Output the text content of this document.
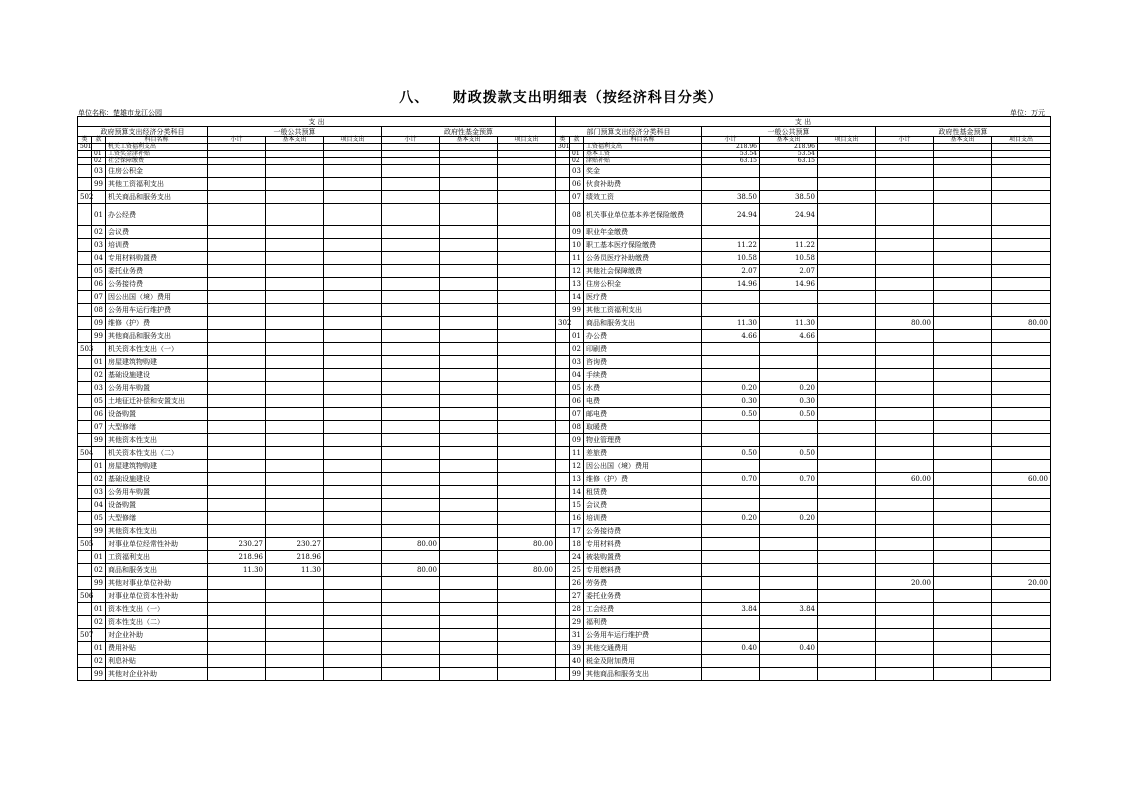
八、    财政拨款支出明细表（按经济科目分类）
单位名称：楚雄市龙江公园	单位：万元
支 出									支 出								
政府预算支出经济分类科目			一般公共预算			政府性基金预算			部门预算支出经济分类科目			一般公共预算			政府性基金预算		
类	款	科目名称	小计	基本支出	项目支出	小计	基本支出	项目支出	类	款	科目名称	小计	基本支出	项目支出	小计	基本支出	项目支出
501		机关工资福利支出							301		工资福利支出	218.96	218.96				
	01	工资奖金津补贴								01	基本工资	53.54	53.54				
	02	社会保障缴费								02	津贴补贴	63.15	63.15				
	03	住房公积金								03	奖金						
	99	其他工资福利支出								06	伙食补助费						
502		机关商品和服务支出								07	绩效工资	38.50	38.50				
	01	办公经费								08	机关事业单位基本养老保险缴费	24.94	24.94				
	02	会议费								09	职业年金缴费						
	03	培训费								10	职工基本医疗保险缴费	11.22	11.22				
	04	专用材料购置费								11	公务员医疗补助缴费	10.58	10.58				
	05	委托业务费								12	其他社会保障缴费	2.07	2.07				
	06	公务接待费								13	住房公积金	14.96	14.96				
	07	因公出国（境）费用								14	医疗费						
	08	公务用车运行维护费								99	其他工资福利支出						
	09	维修（护）费							302		商品和服务支出	11.30	11.30		80.00		80.00
	99	其他商品和服务支出								01	办公费	4.66	4.66				
503		机关资本性支出（一）								02	印刷费						
	01	房屋建筑物购建								03	咨询费						
	02	基础设施建设								04	手续费						
	03	公务用车购置								05	水费	0.20	0.20				
	05	土地征迁补偿和安置支出								06	电费	0.30	0.30				
	06	设备购置								07	邮电费	0.50	0.50				
	07	大型修缮								08	取暖费						
	99	其他资本性支出								09	物业管理费						
504		机关资本性支出（二）								11	差旅费	0.50	0.50				
	01	房屋建筑物购建								12	因公出国（境）费用						
	02	基础设施建设								13	维修（护）费	0.70	0.70		60.00		60.00
	03	公务用车购置								14	租赁费						
	04	设备购置								15	会议费						
	05	大型修缮								16	培训费	0.20	0.20				
	99	其他资本性支出								17	公务接待费						
505		对事业单位经常性补助	230.27	230.27		80.00		80.00		18	专用材料费						
	01	工资福利支出	218.96	218.96						24	被装购置费						
	02	商品和服务支出	11.30	11.30		80.00		80.00		25	专用燃料费						
	99	其他对事业单位补助								26	劳务费				20.00		20.00
506		对事业单位资本性补助								27	委托业务费						
	01	资本性支出（一）								28	工会经费	3.84	3.84				
	02	资本性支出（二）								29	福利费						
507		对企业补助								31	公务用车运行维护费						
	01	费用补贴								39	其他交通费用	0.40	0.40				
	02	利息补贴								40	税金及附加费用						
	99	其他对企业补助								99	其他商品和服务支出						
